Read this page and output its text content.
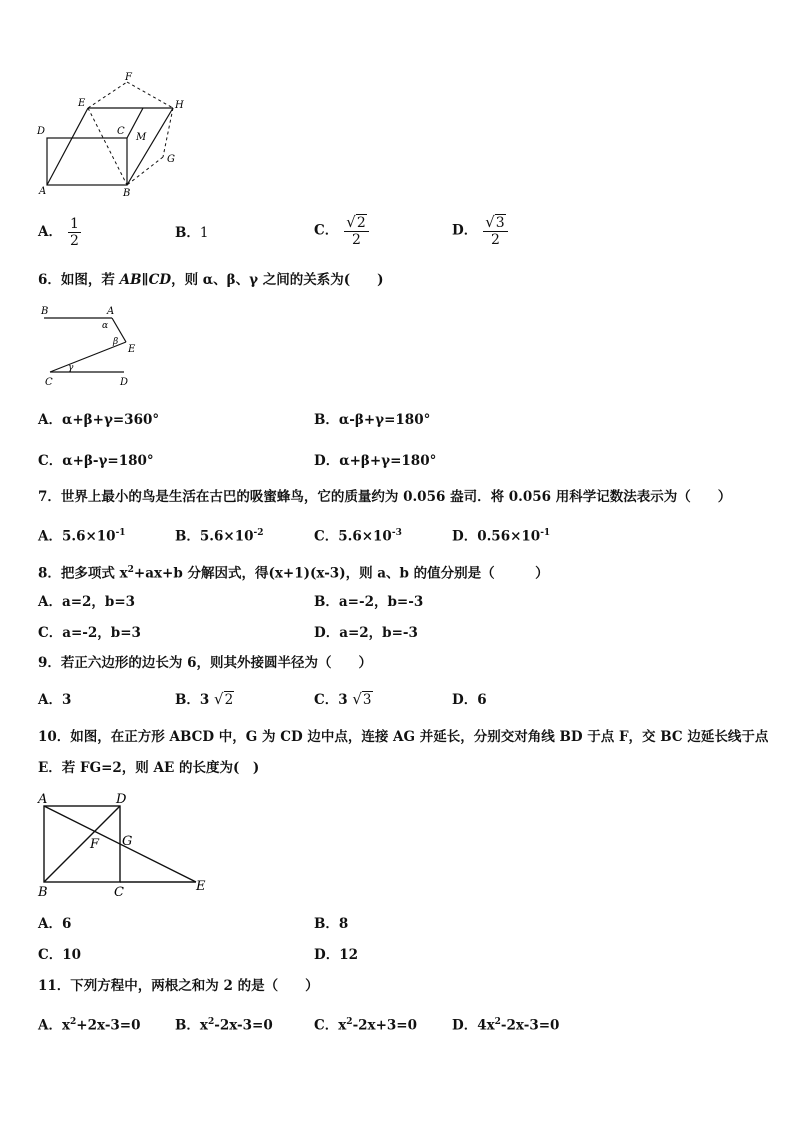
F
E	H
D	C
M
G
A	B
A． $\frac{1}{2}$	B．1	C． $\frac{√2}{2}$	D． $\frac{√3}{2}$
6．如图，若 AB∥CD，则 α、β、γ 之间的关系为(　　)
B	A
α
β
E
γ
C	D
A．α+β+γ=360°	B．α-β+γ=180°
C．α+β-γ=180°	D．α+β+γ=180°
7．世界上最小的鸟是生活在古巴的吸蜜蜂鸟，它的质量约为 0.056 盎司．将 0.056 用科学记数法表示为（　　）
A．$5.6\times 10^{-1}$	B．$5.6\times 10^{-2}$	C．$5.6\times 10^{-3}$	D．$0.56\times 10^{-1}$
8．把多项式 $x^2+ax+b$ 分解因式，得(x+1)(x-3)，则 a、b 的值分别是（　　　）
A．a=2，b=3	B．a=-2，b=-3
C．a=-2，b=3	D．a=2，b=-3
9．若正六边形的边长为 6，则其外接圆半径为（　　）
A．3	B．3 √2	C．3 √3	D．6
10．如图，在正方形 ABCD 中，G 为 CD 边中点，连接 AG 并延长，分别交对角线 BD 于点 F，交 BC 边延长线于点
E．若 FG=2，则 AE 的长度为(　)
A	D
G
F
B	C	E
A．6	B．8
C．10	D．12
11．下列方程中，两根之和为 2 的是（　　）
A．$x^2+2x-3=0$	B．$x^2-2x-3=0$	C．$x^2-2x+3=0$	D．$4x^2-2x-3=0$
